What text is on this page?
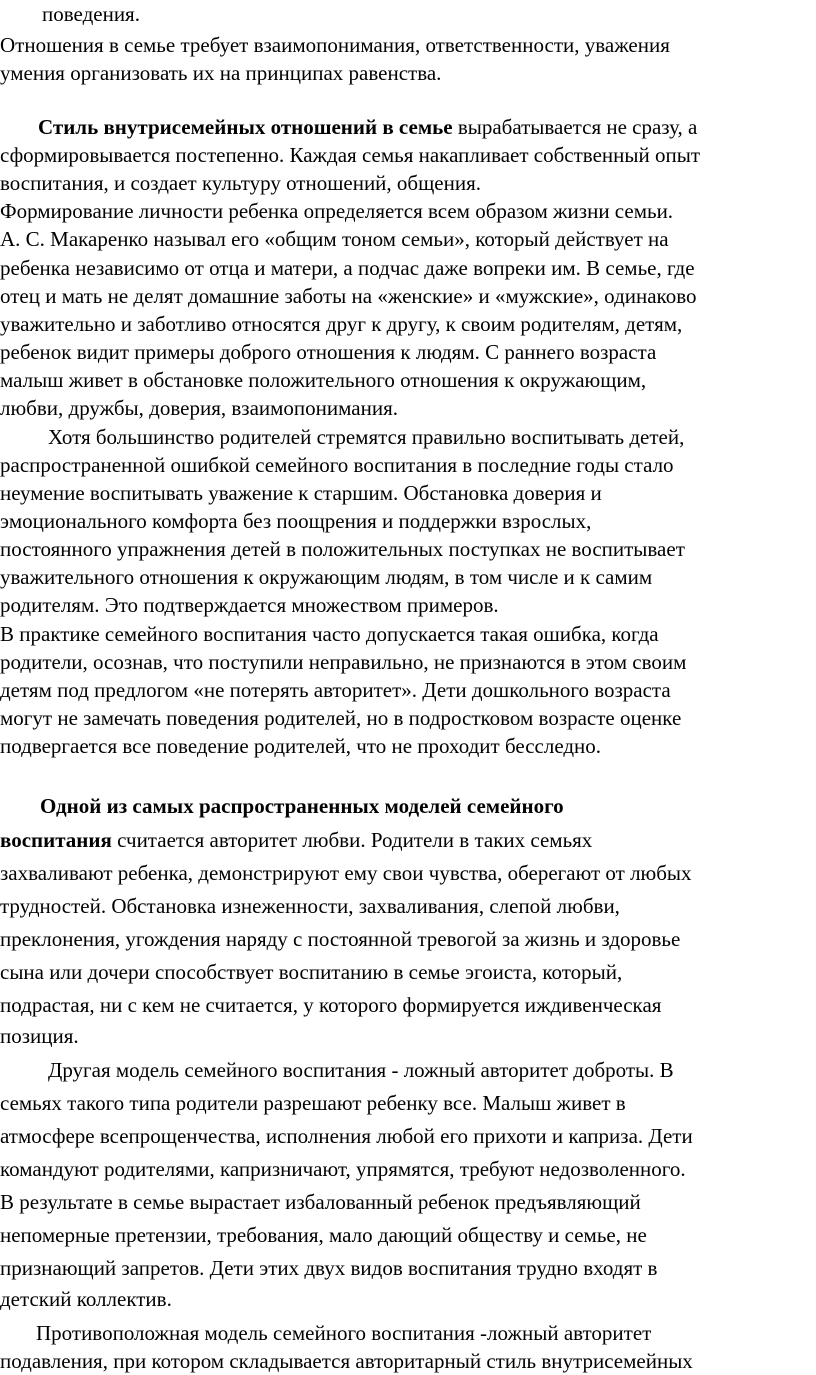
поведения.
Отношения в семье требует взаимопонимания, ответственности, уважения
умения организовать их на принципах равенства.
Стиль внутрисемейных отношений в семье вырабатывается не сразу, а
сформировывается постепенно. Каждая семья накапливает собственный опыт
воспитания, и создает культуру отношений, общения.
Формирование личности ребенка определяется всем образом жизни семьи.
А. С. Макаренко называл его «общим тоном семьи», который действует на
ребенка независимо от отца и матери, а подчас даже вопреки им. В семье, где
отец и мать не делят домашние заботы на «женские» и «мужские», одинаково
уважительно и заботливо относятся друг к другу, к своим родителям, детям,
ребенок видит примеры доброго отношения к людям. С раннего возраста
малыш живет в обстановке положительного отношения к окружающим,
любви, дружбы, доверия, взаимопонимания.
Хотя большинство родителей стремятся правильно воспитывать детей,
распространенной ошибкой семейного воспитания в последние годы стало
неумение воспитывать уважение к старшим. Обстановка доверия и
эмоционального комфорта без поощрения и поддержки взрослых,
постоянного упражнения детей в положительных поступках не воспитывает
уважительного отношения к окружающим людям, в том числе и к самим
родителям. Это подтверждается множеством примеров.
В практике семейного воспитания часто допускается такая ошибка, когда
родители, осознав, что поступили неправильно, не признаются в этом своим
детям под предлогом «не потерять авторитет». Дети дошкольного возраста
могут не замечать поведения родителей, но в подростковом возрасте оценке
подвергается все поведение родителей, что не проходит бесследно.
Одной из самых распространенных моделей семейного
воспитания считается авторитет любви. Родители в таких семьях
захваливают ребенка, демонстрируют ему свои чувства, оберегают от любых
трудностей. Обстановка изнеженности, захваливания, слепой любви,
преклонения, угождения наряду с постоянной тревогой за жизнь и здоровье
сына или дочери способствует воспитанию в семье эгоиста, который,
подрастая, ни с кем не считается, у которого формируется иждивенческая
позиция.
Другая модель семейного воспитания - ложный авторитет доброты. В
семьях такого типа родители разрешают ребенку все. Малыш живет в
атмосфере всепрощенчества, исполнения любой его прихоти и каприза. Дети
командуют родителями, капризничают, упрямятся, требуют недозволенного.
В результате в семье вырастает избалованный ребенок предъявляющий
непомерные претензии, требования, мало дающий обществу и семье, не
признающий запретов. Дети этих двух видов воспитания трудно входят в
детский коллектив.
Противоположная модель семейного воспитания -ложный авторитет
подавления, при котором складывается авторитарный стиль внутрисемейных
